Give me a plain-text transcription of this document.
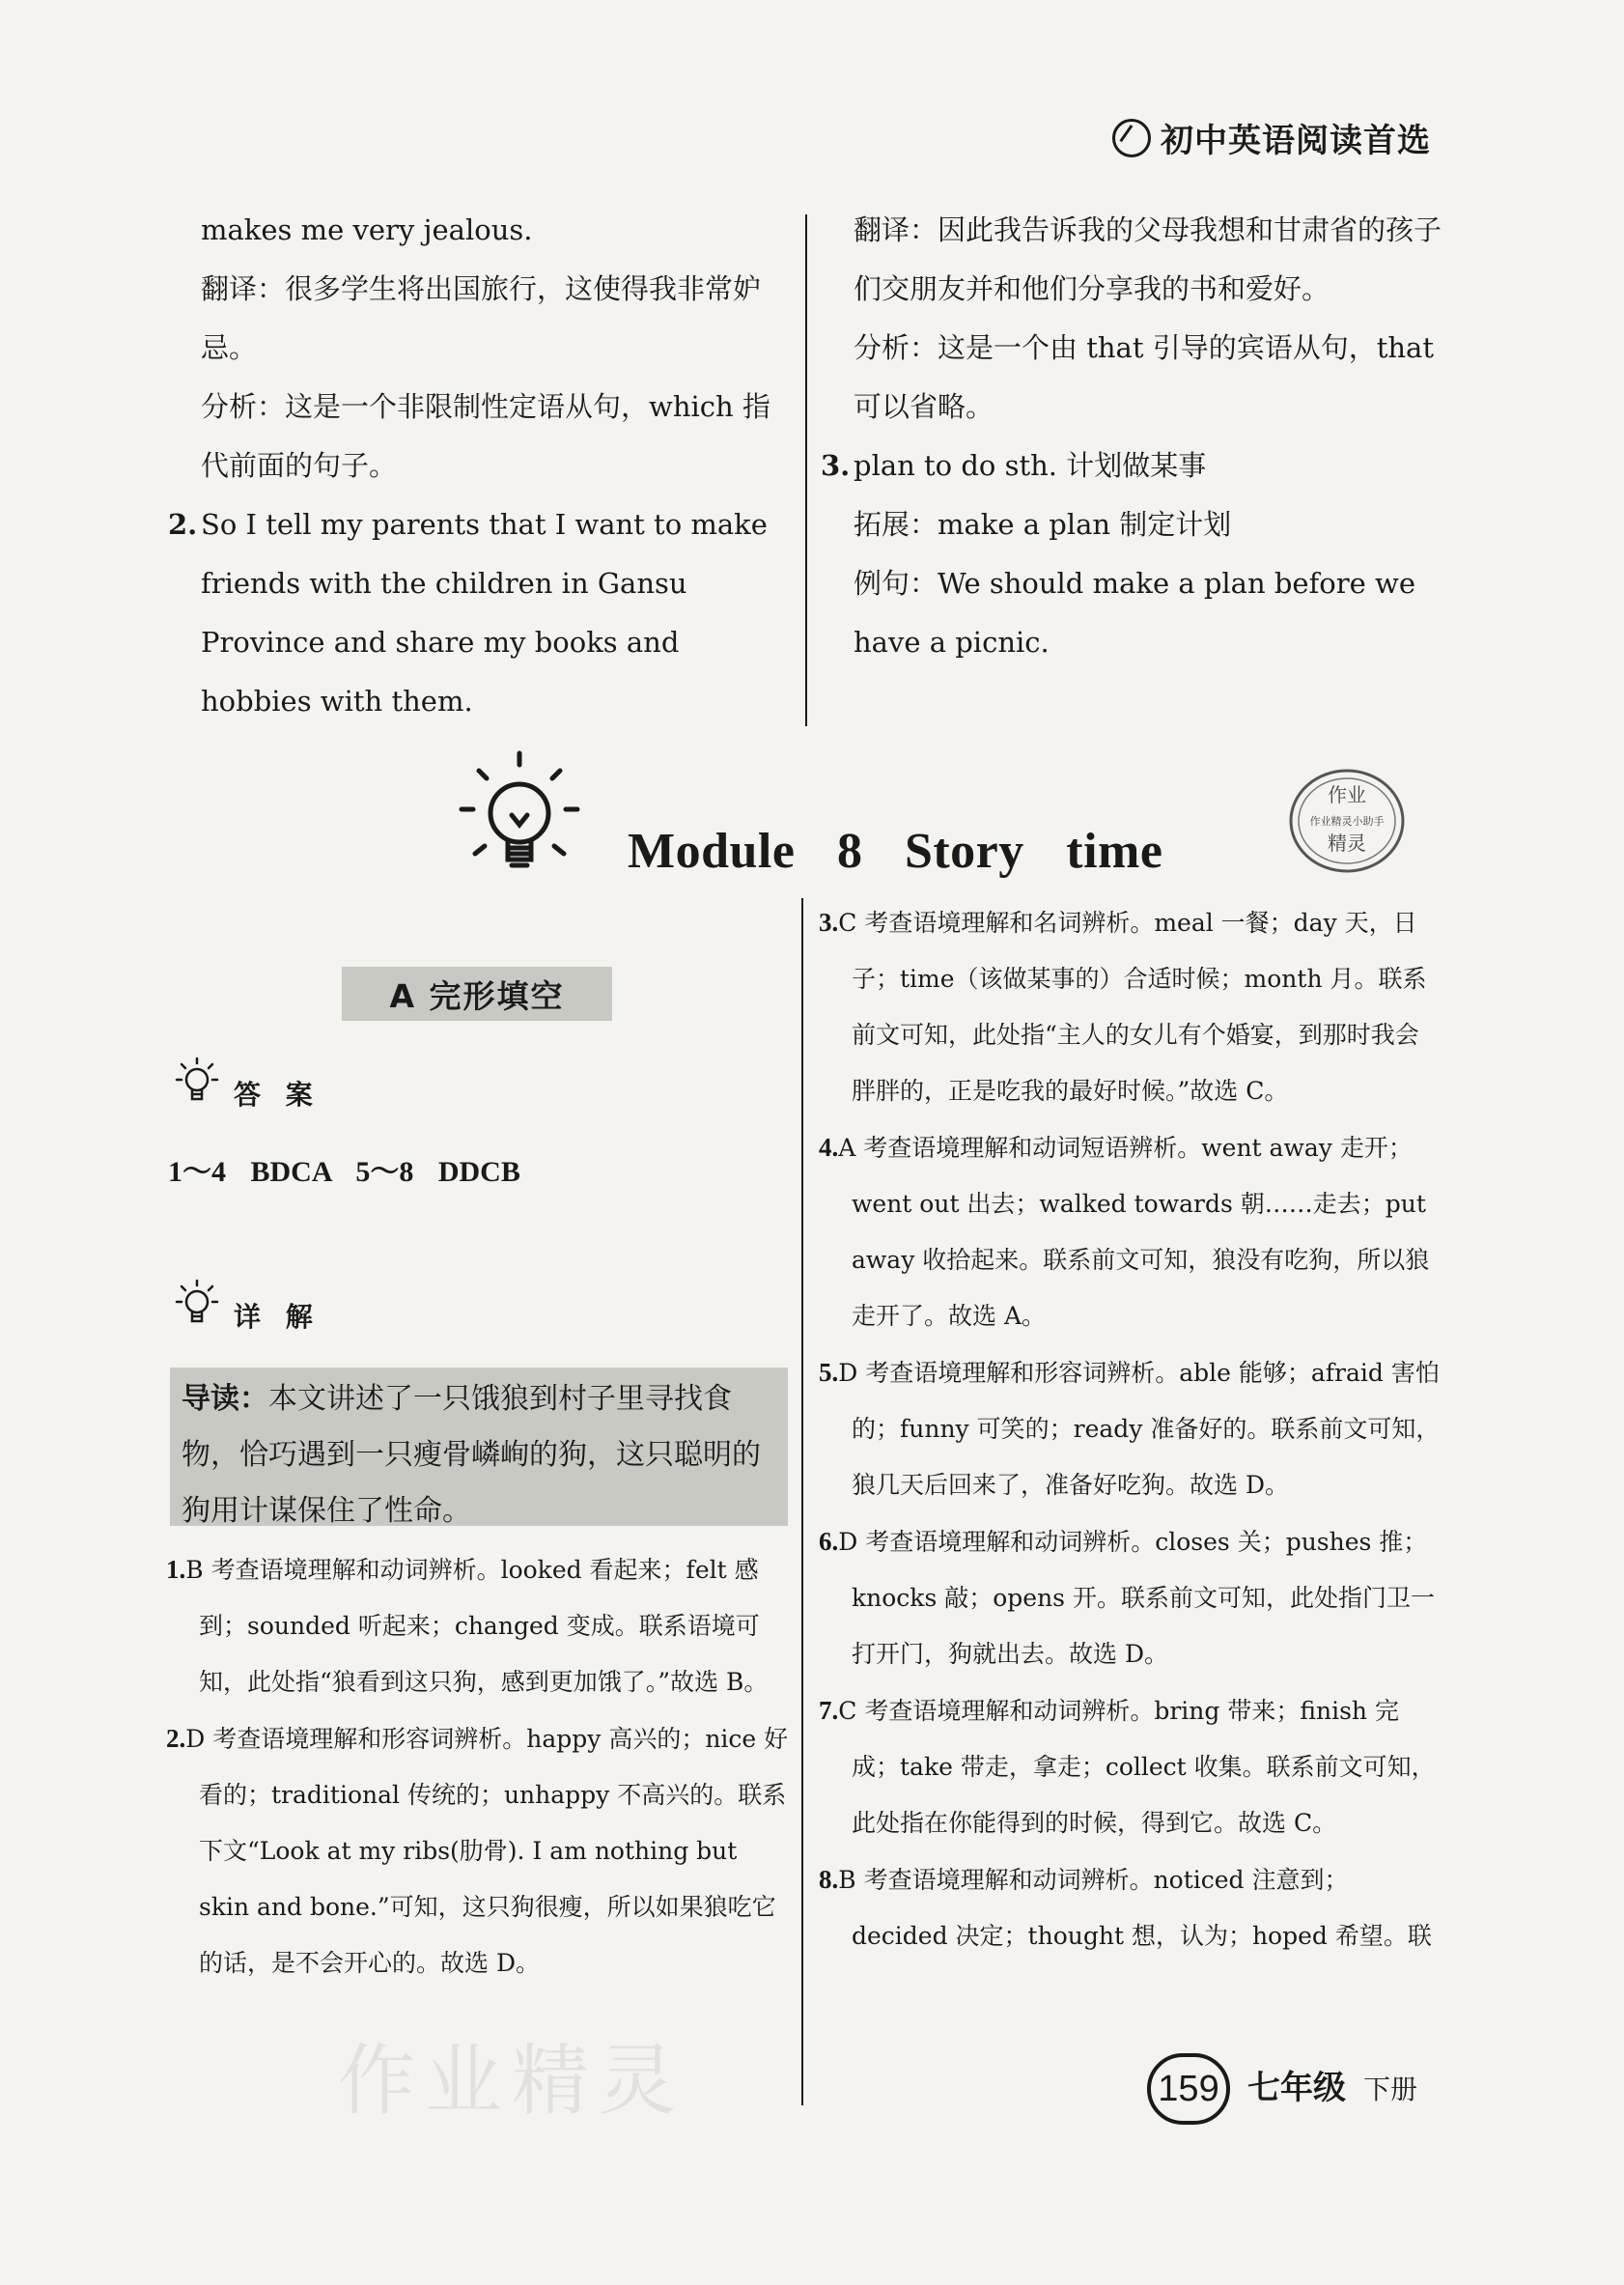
初中英语阅读首选

makes me very jealous.

翻译：很多学生将出国旅行，这使得我非常妒忌。

分析：这是一个非限制性定语从句，which 指代前面的句子。

2. So I tell my parents that I want to make friends with the children in Gansu Province and share my books and hobbies with them.

翻译：因此我告诉我的父母我想和甘肃省的孩子们交朋友并和他们分享我的书和爱好。

分析：这是一个由 that 引导的宾语从句，that 可以省略。

3. plan to do sth. 计划做某事

拓展：make a plan 制定计划

例句：We should make a plan before we have a picnic.

Module 8 Story time
作业
作业精灵小助手
精灵
A 完形填空
答 案
1～4 BDCA 5～8 DDCB
详 解
导读：本文讲述了一只饿狼到村子里寻找食物，恰巧遇到一只瘦骨嶙峋的狗，这只聪明的狗用计谋保住了性命。

1.B 考查语境理解和动词辨析。looked 看起来；felt 感到；sounded 听起来；changed 变成。联系语境可知，此处指“狼看到这只狗，感到更加饿了。”故选 B。

2.D 考查语境理解和形容词辨析。happy 高兴的；nice 好看的；traditional 传统的；unhappy 不高兴的。联系下文“Look at my ribs(肋骨). I am nothing but skin and bone.”可知，这只狗很瘦，所以如果狼吃它的话，是不会开心的。故选 D。

3.C 考查语境理解和名词辨析。meal 一餐；day 天，日子；time（该做某事的）合适时候；month 月。联系前文可知，此处指“主人的女儿有个婚宴，到那时我会胖胖的，正是吃我的最好时候。”故选 C。

4.A 考查语境理解和动词短语辨析。went away 走开；went out 出去；walked towards 朝……走去；put away 收拾起来。联系前文可知，狼没有吃狗，所以狼走开了。故选 A。

5.D 考查语境理解和形容词辨析。able 能够；afraid 害怕的；funny 可笑的；ready 准备好的。联系前文可知，狼几天后回来了，准备好吃狗。故选 D。

6.D 考查语境理解和动词辨析。closes 关；pushes 推；knocks 敲；opens 开。联系前文可知，此处指门卫一打开门，狗就出去。故选 D。

7.C 考查语境理解和动词辨析。bring 带来；finish 完成；take 带走，拿走；collect 收集。联系前文可知，此处指在你能得到的时候，得到它。故选 C。

8.B 考查语境理解和动词辨析。noticed 注意到；decided 决定；thought 想，认为；hoped 希望。联

作业精灵	159 七年级 下册
